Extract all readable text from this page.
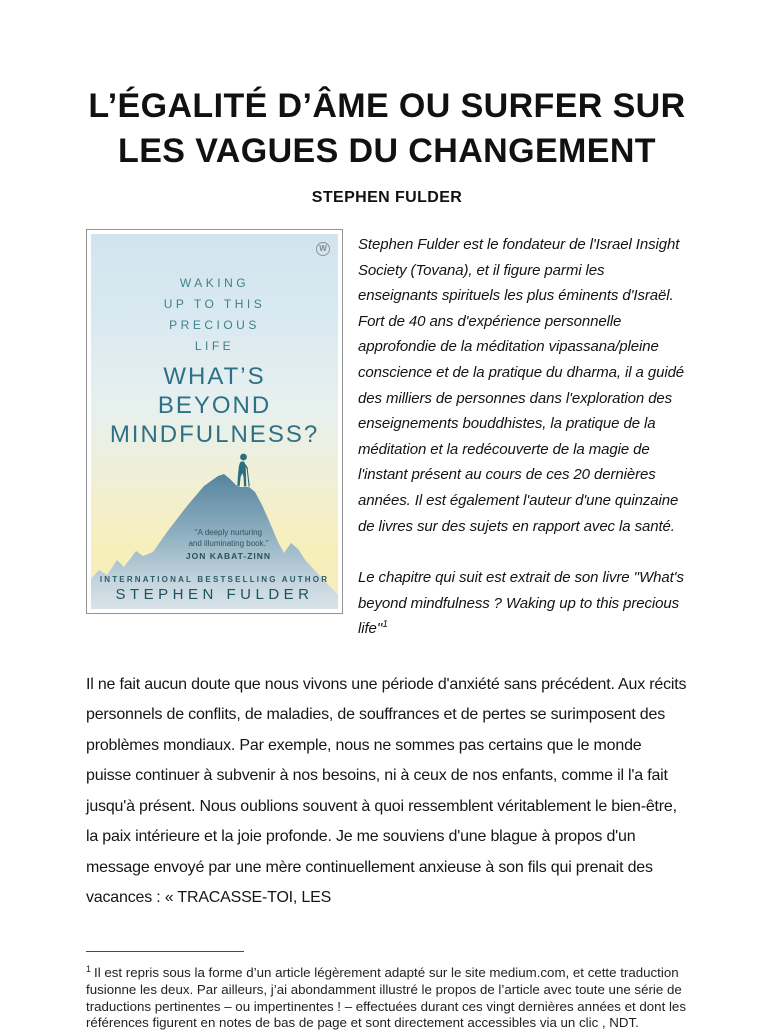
L’ÉGALITÉ D’ÂME OU SURFER SUR
LES VAGUES DU CHANGEMENT
STEPHEN FULDER
W
WAKING
UP TO THIS
PRECIOUS
LIFE
WHAT’S
BEYOND
MINDFULNESS?
“A deeply nurturing
and illuminating book.”
JON KABAT-ZINN
INTERNATIONAL BESTSELLING AUTHOR
STEPHEN FULDER

Stephen Fulder est le fondateur de l'Israel Insight Society (Tovana), et il figure parmi les enseignants spirituels les plus éminents d'Israël. Fort de 40 ans d'expérience personnelle approfondie de la méditation vipassana/pleine conscience et de la pratique du dharma, il a guidé des milliers de personnes dans l'exploration des enseignements bouddhistes, la pratique de la méditation et la redécouverte de la magie de l'instant présent au cours de ces 20 dernières années. Il est également l'auteur d'une quinzaine de livres sur des sujets en rapport avec la santé.

Le chapitre qui suit est extrait de son livre ''What's beyond mindfulness ? Waking up to this precious life''$^1$

Il ne fait aucun doute que nous vivons une période d'anxiété sans précédent. Aux récits personnels de conflits, de maladies, de souffrances et de pertes se surimposent des problèmes mondiaux. Par exemple, nous ne sommes pas certains que le monde puisse continuer à subvenir à nos besoins, ni à ceux de nos enfants, comme il l'a fait jusqu'à présent. Nous oublions souvent à quoi ressemblent véritablement le bien-être, la paix intérieure et la joie profonde. Je me souviens d'une blague à propos d'un message envoyé par une mère continuellement anxieuse à son fils qui prenait des vacances : « TRACASSE-TOI, LES
$^1$ Il est repris sous la forme d’un article légèrement adapté sur le site medium.com, et cette traduction fusionne les deux. Par ailleurs, j’ai abondamment illustré le propos de l’article avec toute une série de traductions pertinentes – ou impertinentes ! – effectuées durant ces vingt dernières années et dont les références figurent en notes de bas de page et sont directement accessibles via un clic , NDT.
